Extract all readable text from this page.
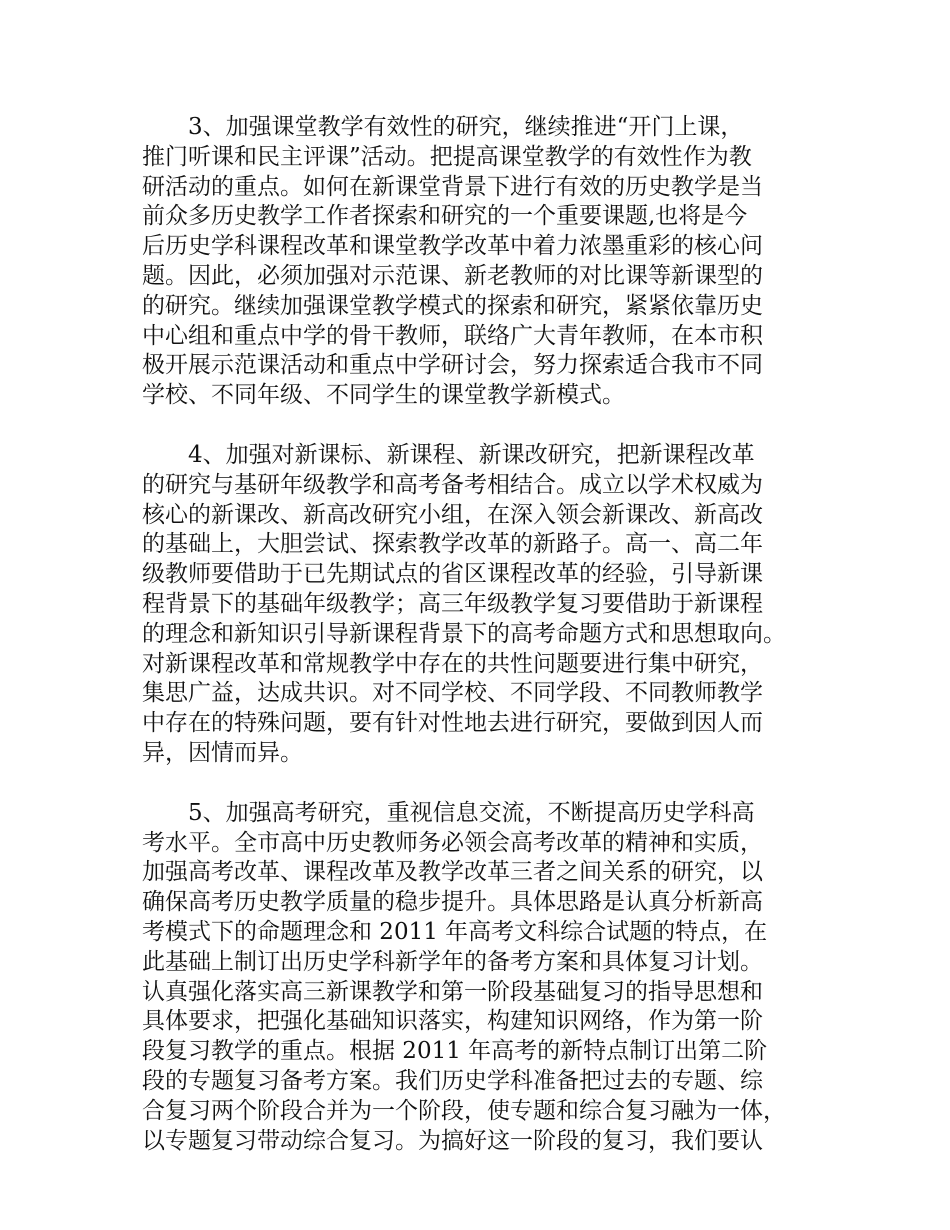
　　3、加强课堂教学有效性的研究，继续推进“开门上课，
推门听课和民主评课”活动。把提高课堂教学的有效性作为教
研活动的重点。如何在新课堂背景下进行有效的历史教学是当
前众多历史教学工作者探索和研究的一个重要课题,也将是今
后历史学科课程改革和课堂教学改革中着力浓墨重彩的核心问
题。因此，必须加强对示范课、新老教师的对比课等新课型的
的研究。继续加强课堂教学模式的探索和研究，紧紧依靠历史
中心组和重点中学的骨干教师，联络广大青年教师，在本市积
极开展示范课活动和重点中学研讨会，努力探索适合我市不同
学校、不同年级、不同学生的课堂教学新模式。

　　4、加强对新课标、新课程、新课改研究，把新课程改革
的研究与基研年级教学和高考备考相结合。成立以学术权威为
核心的新课改、新高改研究小组，在深入领会新课改、新高改
的基础上，大胆尝试、探索教学改革的新路子。高一、高二年
级教师要借助于已先期试点的省区课程改革的经验，引导新课
程背景下的基础年级教学；高三年级教学复习要借助于新课程
的理念和新知识引导新课程背景下的高考命题方式和思想取向。
对新课程改革和常规教学中存在的共性问题要进行集中研究，
集思广益，达成共识。对不同学校、不同学段、不同教师教学
中存在的特殊问题，要有针对性地去进行研究，要做到因人而
异，因情而异。

　　5、加强高考研究，重视信息交流，不断提高历史学科高
考水平。全市高中历史教师务必领会高考改革的精神和实质，
加强高考改革、课程改革及教学改革三者之间关系的研究，以
确保高考历史教学质量的稳步提升。具体思路是认真分析新高
考模式下的命题理念和 2011 年高考文科综合试题的特点，在
此基础上制订出历史学科新学年的备考方案和具体复习计划。
认真强化落实高三新课教学和第一阶段基础复习的指导思想和
具体要求，把强化基础知识落实，构建知识网络，作为第一阶
段复习教学的重点。根据 2011 年高考的新特点制订出第二阶
段的专题复习备考方案。我们历史学科准备把过去的专题、综
合复习两个阶段合并为一个阶段，使专题和综合复习融为一体，
以专题复习带动综合复习。为搞好这一阶段的复习，我们要认
